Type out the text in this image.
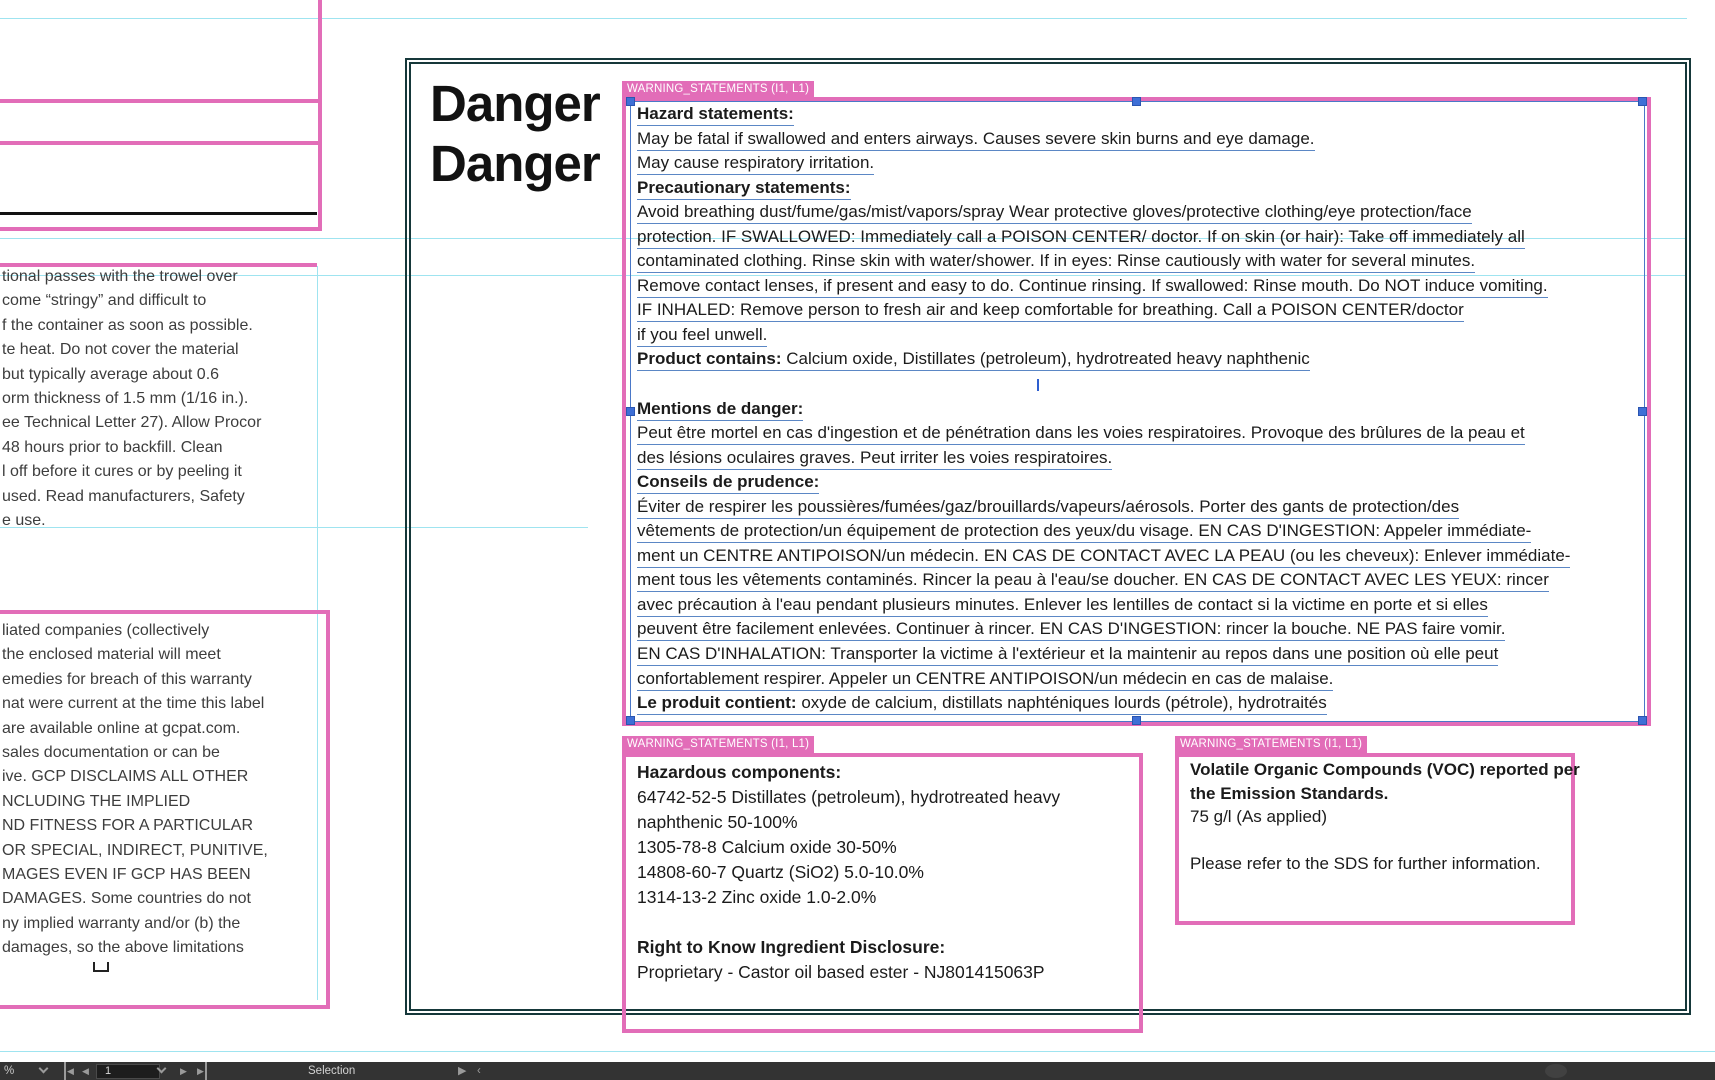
tional passes with the trowel over
come “stringy” and difficult to
f the container as soon as possible.
te heat. Do not cover the material
but typically average about 0.6
orm thickness of 1.5 mm (1/16 in.).
ee Technical Letter 27). Allow Procor
48 hours prior to backfill. Clean
l off before it cures or by peeling it
used. Read manufacturers, Safety
e use.
liated companies (collectively
the enclosed material will meet
emedies for breach of this warranty
nat were current at the time this label
are available online at gcpat.com.
sales documentation or can be
ive. GCP DISCLAIMS ALL OTHER
NCLUDING THE IMPLIED
ND FITNESS FOR A PARTICULAR
OR SPECIAL, INDIRECT, PUNITIVE,
MAGES EVEN IF GCP HAS BEEN
DAMAGES. Some countries do not
ny implied warranty and/or (b) the
damages, so the above limitations
Danger
Danger
WARNING_STATEMENTS (I1, L1)
Hazard statements:
May be fatal if swallowed and enters airways. Causes severe skin burns and eye damage.
May cause respiratory irritation.
Precautionary statements:
Avoid breathing dust/fume/gas/mist/vapors/spray Wear protective gloves/protective clothing/eye protection/face
protection. IF SWALLOWED: Immediately call a POISON CENTER/ doctor. If on skin (or hair): Take off immediately all
contaminated clothing. Rinse skin with water/shower. If in eyes: Rinse cautiously with water for several minutes.
Remove contact lenses, if present and easy to do. Continue rinsing. If swallowed: Rinse mouth. Do NOT induce vomiting.
IF INHALED: Remove person to fresh air and keep comfortable for breathing. Call a POISON CENTER/doctor
if you feel unwell.
Product contains: Calcium oxide, Distillates (petroleum), hydrotreated heavy naphthenic

Mentions de danger:
Peut être mortel en cas d'ingestion et de pénétration dans les voies respiratoires. Provoque des brûlures de la peau et
des lésions oculaires graves. Peut irriter les voies respiratoires.
Conseils de prudence:
Éviter de respirer les poussières/fumées/gaz/brouillards/vapeurs/aérosols. Porter des gants de protection/des
vêtements de protection/un équipement de protection des yeux/du visage. EN CAS D'INGESTION: Appeler immédiate-
ment un CENTRE ANTIPOISON/un médecin. EN CAS DE CONTACT AVEC LA PEAU (ou les cheveux): Enlever immédiate-
ment tous les vêtements contaminés. Rincer la peau à l'eau/se doucher. EN CAS DE CONTACT AVEC LES YEUX: rincer
avec précaution à l'eau pendant plusieurs minutes. Enlever les lentilles de contact si la victime en porte et si elles
peuvent être facilement enlevées. Continuer à rincer. EN CAS D'INGESTION: rincer la bouche. NE PAS faire vomir.
EN CAS D'INHALATION: Transporter la victime à l'extérieur et la maintenir au repos dans une position où elle peut
confortablement respirer. Appeler un CENTRE ANTIPOISON/un médecin en cas de malaise.
Le produit contient: oxyde de calcium, distillats naphténiques lourds (pétrole), hydrotraités
WARNING_STATEMENTS (I1, L1)
Hazardous components:
64742-52-5 Distillates (petroleum), hydrotreated heavy
naphthenic 50-100%
1305-78-8 Calcium oxide 30-50%
14808-60-7 Quartz (SiO2) 5.0-10.0%
1314-13-2 Zinc oxide 1.0-2.0%

Right to Know Ingredient Disclosure:
Proprietary - Castor oil based ester - NJ801415063P
WARNING_STATEMENTS (I1, L1)
Volatile Organic Compounds (VOC) reported per
the Emission Standards.
75 g/l (As applied)

Please refer to the SDS for further information.
%	◀ ◀	1	▶ ▶	Selection	▶ ‹
